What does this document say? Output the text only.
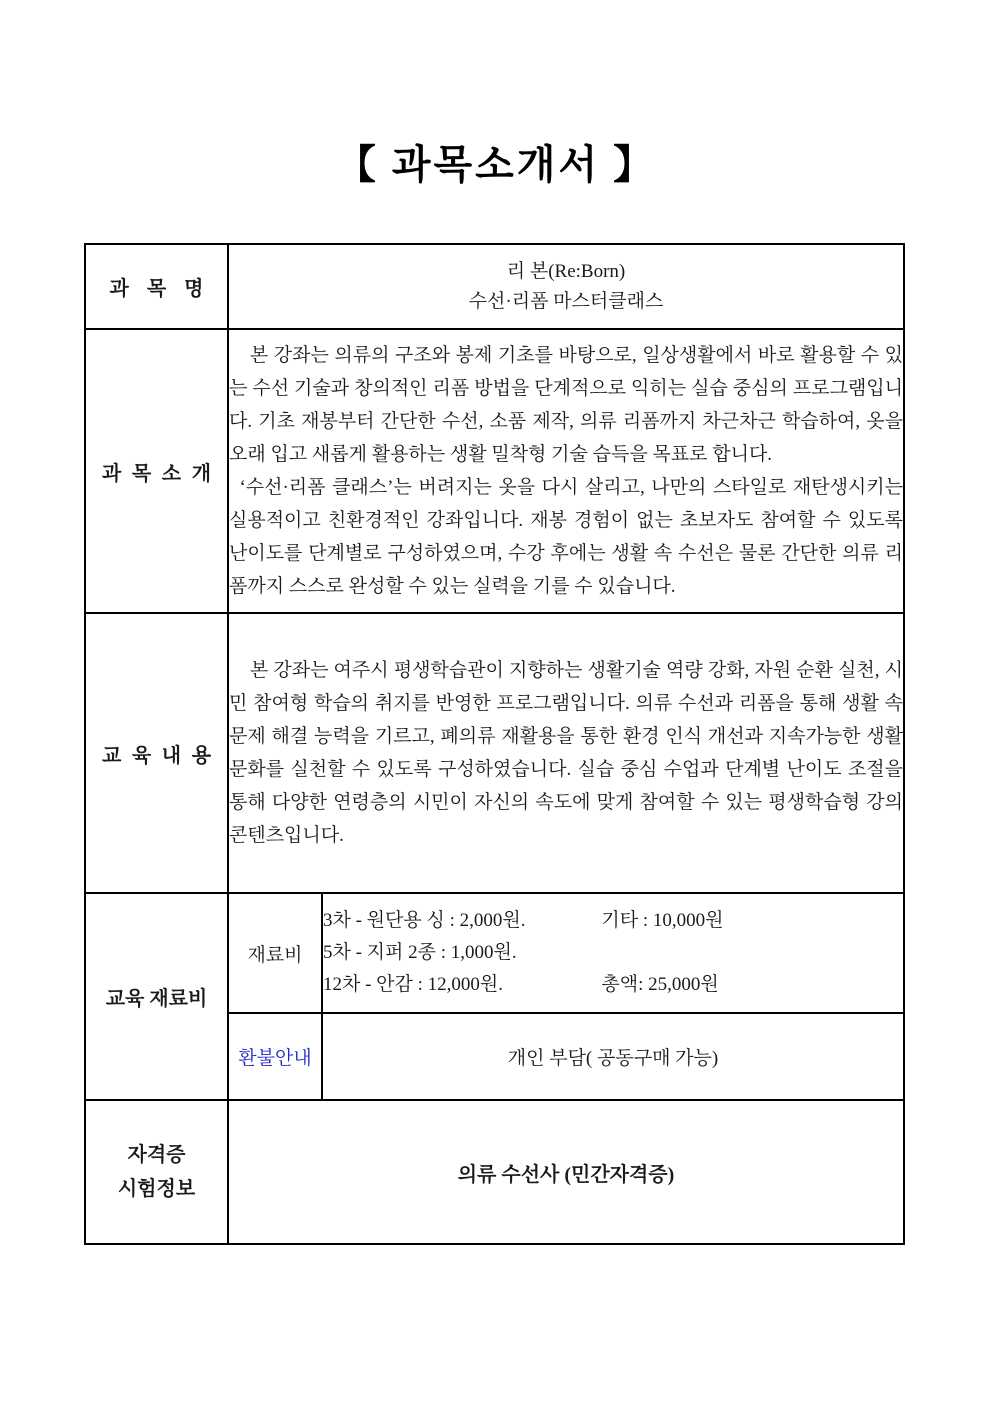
【 과목소개서 】
과 목 명	리 본(Re:Born)
수선·리폼 마스터클래스	

과 목 소 개	본 강좌는 의류의 구조와 봉제 기초를 바탕으로, 일상생활에서 바로 활용할 수 있는 수선 기술과 창의적인 리폼 방법을 단계적으로 익히는 실습 중심의 프로그램입니다. 기초 재봉부터 간단한 수선, 소품 제작, 의류 리폼까지 차근차근 학습하여, 옷을 오래 입고 새롭게 활용하는 생활 밀착형 기술 습득을 목표로 합니다.

‘수선·리폼 클래스’는 버려지는 옷을 다시 살리고, 나만의 스타일로 재탄생시키는 실용적이고 친환경적인 강좌입니다. 재봉 경험이 없는 초보자도 참여할 수 있도록 난이도를 단계별로 구성하였으며, 수강 후에는 생활 속 수선은 물론 간단한 의류 리폼까지 스스로 완성할 수 있는 실력을 기를 수 있습니다.	

교 육 내 용	본 강좌는 여주시 평생학습관이 지향하는 생활기술 역량 강화, 자원 순환 실천, 시민 참여형 학습의 취지를 반영한 프로그램입니다. 의류 수선과 리폼을 통해 생활 속 문제 해결 능력을 기르고, 폐의류 재활용을 통한 환경 인식 개선과 지속가능한 생활문화를 실천할 수 있도록 구성하였습니다. 실습 중심 수업과 단계별 난이도 조절을 통해 다양한 연령층의 시민이 자신의 속도에 맞게 참여할 수 있는 평생학습형 강의 콘텐츠입니다.	

교육 재료비	재료비	3차 - 원단용 싱 : 2,000원. 기타 : 10,000원
5차 - 지퍼 2종 : 1,000원.
12차 - 안감 : 12,000원. 총액: 25,000원

	환불안내	개인 부담( 공동구매 가능)

자격증
시험정보	의류 수선사 (민간자격증)	
